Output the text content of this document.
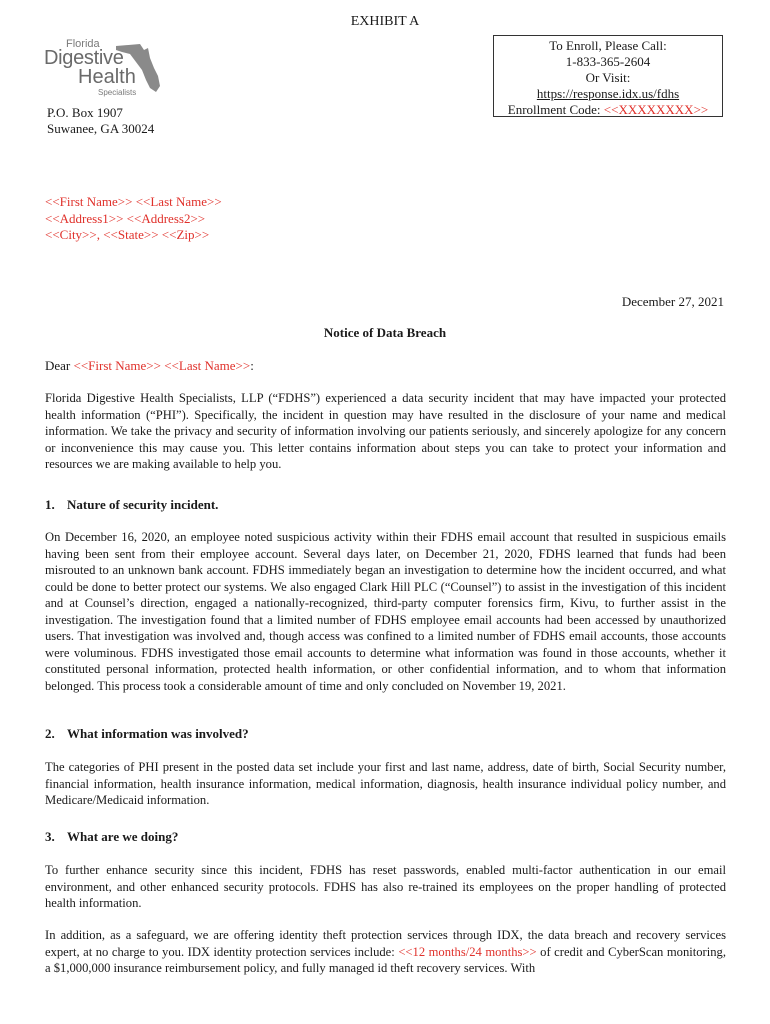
EXHIBIT A
Florida
Digestive
Health
Specialists
To Enroll, Please Call:
1-833-365-2604
Or Visit:
https://response.idx.us/fdhs
Enrollment Code: <<XXXXXXXX>>
P.O. Box 1907
Suwanee, GA 30024
<<First Name>> <<Last Name>>
<<Address1>> <<Address2>>
<<City>>, <<State>> <<Zip>>
December 27, 2021
Notice of Data Breach
Dear <<First Name>> <<Last Name>>:
Florida Digestive Health Specialists, LLP (“FDHS”) experienced a data security incident that may have impacted your protected health information (“PHI”). Specifically, the incident in question may have resulted in the disclosure of your name and medical information. We take the privacy and security of information involving our patients seriously, and sincerely apologize for any concern or inconvenience this may cause you. This letter contains information about steps you can take to protect your information and resources we are making available to help you.
1. Nature of security incident.
On December 16, 2020, an employee noted suspicious activity within their FDHS email account that resulted in suspicious emails having been sent from their employee account. Several days later, on December 21, 2020, FDHS learned that funds had been misrouted to an unknown bank account. FDHS immediately began an investigation to determine how the incident occurred, and what could be done to better protect our systems. We also engaged Clark Hill PLC (“Counsel”) to assist in the investigation of this incident and at Counsel’s direction, engaged a nationally-recognized, third-party computer forensics firm, Kivu, to further assist in the investigation. The investigation found that a limited number of FDHS employee email accounts had been accessed by unauthorized users. That investigation was involved and, though access was confined to a limited number of FDHS email accounts, those accounts were voluminous. FDHS investigated those email accounts to determine what information was found in those accounts, whether it constituted personal information, protected health information, or other confidential information, and to whom that information belonged. This process took a considerable amount of time and only concluded on November 19, 2021.
2. What information was involved?
The categories of PHI present in the posted data set include your first and last name, address, date of birth, Social Security number, financial information, health insurance information, medical information, diagnosis, health insurance individual policy number, and Medicare/Medicaid information.
3. What are we doing?
To further enhance security since this incident, FDHS has reset passwords, enabled multi-factor authentication in our email environment, and other enhanced security protocols. FDHS has also re-trained its employees on the proper handling of protected health information.
In addition, as a safeguard, we are offering identity theft protection services through IDX, the data breach and recovery services expert, at no charge to you. IDX identity protection services include: <<12 months/24 months>> of credit and CyberScan monitoring, a $1,000,000 insurance reimbursement policy, and fully managed id theft recovery services. With
